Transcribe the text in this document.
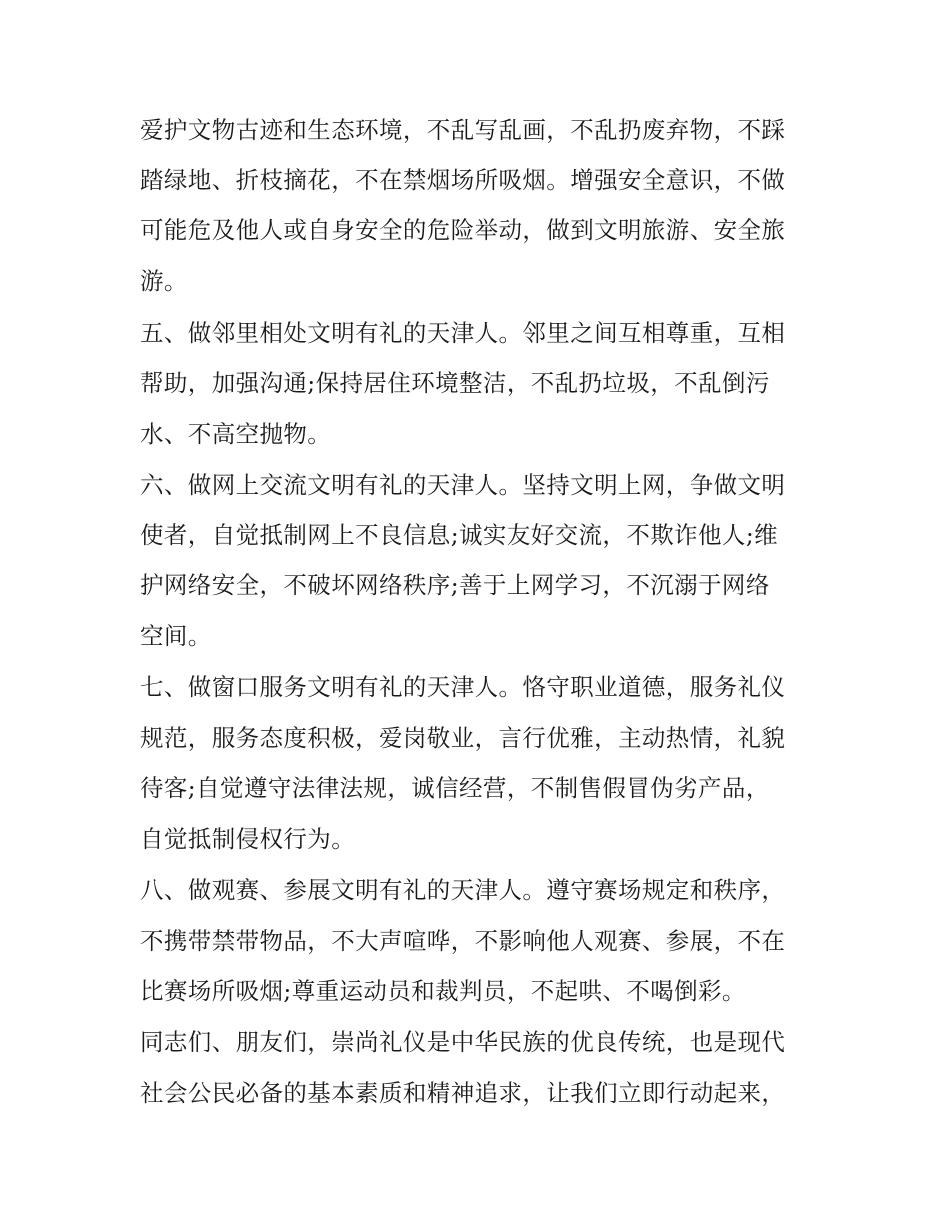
爱护文物古迹和生态环境，不乱写乱画，不乱扔废弃物，不踩
踏绿地、折枝摘花，不在禁烟场所吸烟。增强安全意识，不做
可能危及他人或自身安全的危险举动，做到文明旅游、安全旅
游。
五、做邻里相处文明有礼的天津人。邻里之间互相尊重，互相
帮助，加强沟通;保持居住环境整洁，不乱扔垃圾，不乱倒污
水、不高空抛物。
六、做网上交流文明有礼的天津人。坚持文明上网，争做文明
使者，自觉抵制网上不良信息;诚实友好交流，不欺诈他人;维
护网络安全，不破坏网络秩序;善于上网学习，不沉溺于网络
空间。
七、做窗口服务文明有礼的天津人。恪守职业道德，服务礼仪
规范，服务态度积极，爱岗敬业，言行优雅，主动热情，礼貌
待客;自觉遵守法律法规，诚信经营，不制售假冒伪劣产品，
自觉抵制侵权行为。
八、做观赛、参展文明有礼的天津人。遵守赛场规定和秩序，
不携带禁带物品，不大声喧哗，不影响他人观赛、参展，不在
比赛场所吸烟;尊重运动员和裁判员，不起哄、不喝倒彩。
同志们、朋友们，崇尚礼仪是中华民族的优良传统，也是现代
社会公民必备的基本素质和精神追求，让我们立即行动起来，
